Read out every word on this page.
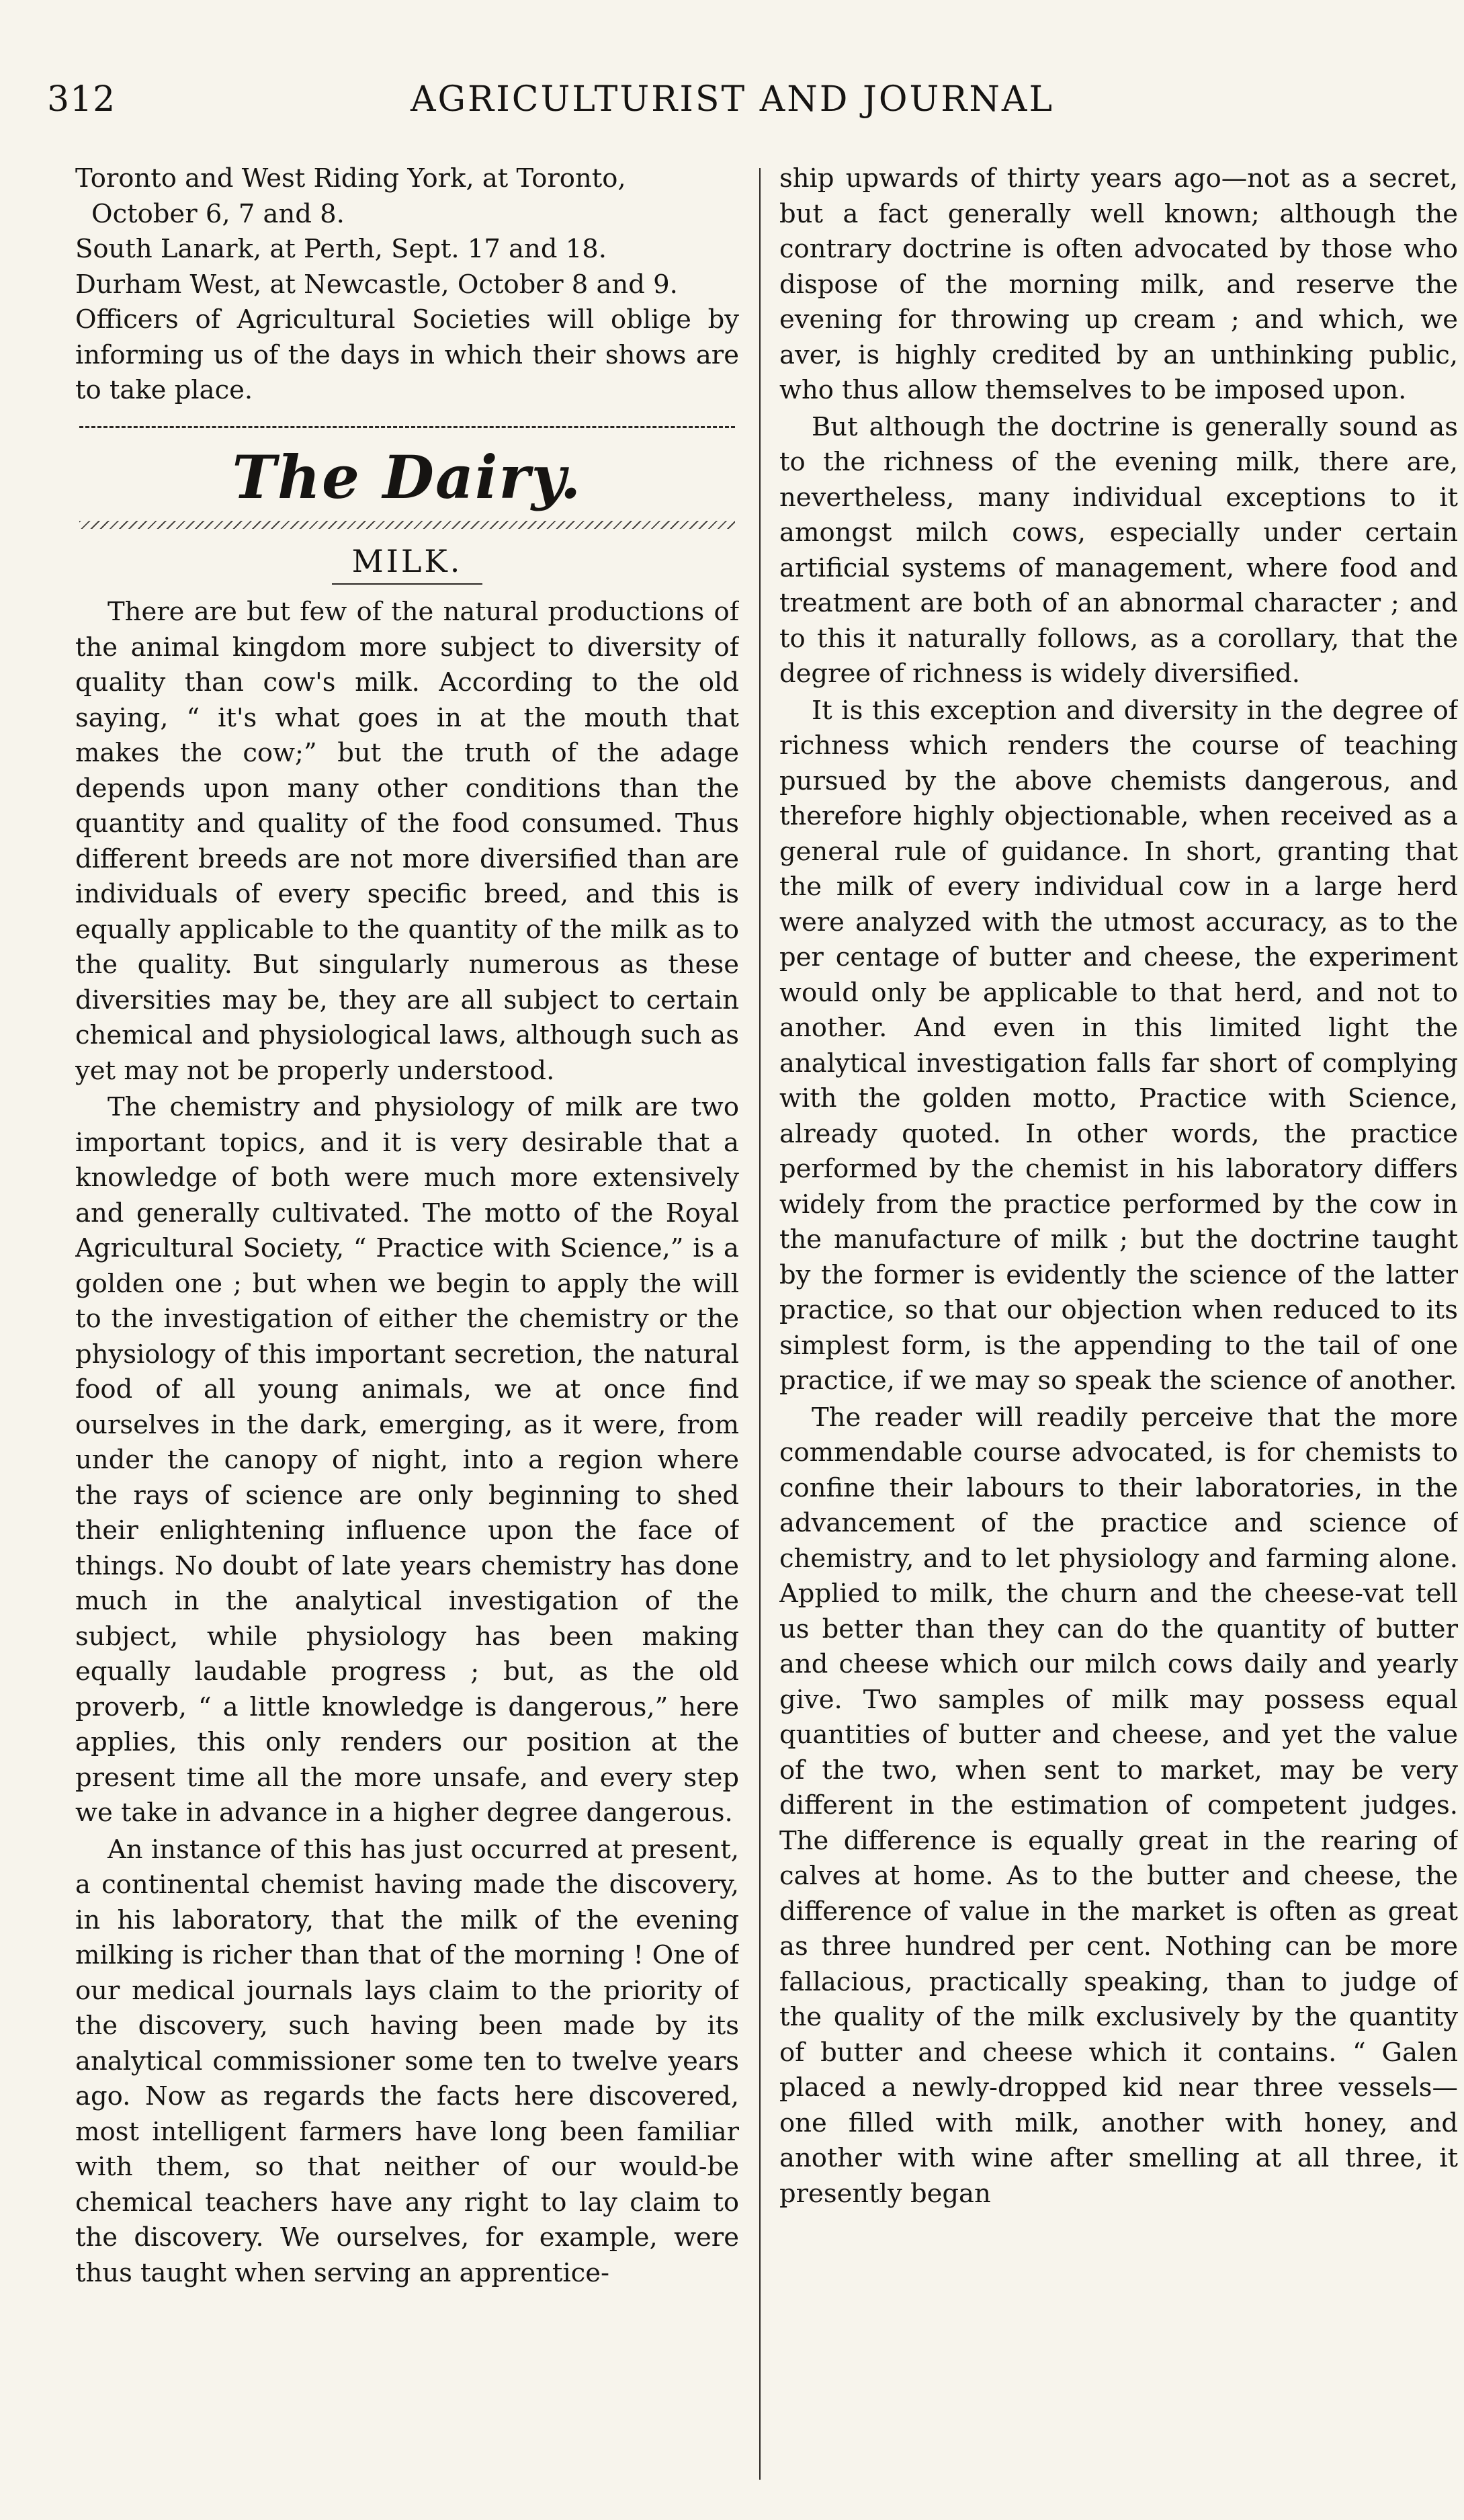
312	AGRICULTURIST AND JOURNAL

Toronto and West Riding York, at Toronto, October 6, 7 and 8.

South Lanark, at Perth, Sept. 17 and 18.

Durham West, at Newcastle, October 8 and 9.

Officers of Agricultural Societies will oblige by informing us of the days in which their shows are to take place.

The Dairy.
MILK.

There are but few of the natural productions of the animal kingdom more subject to diversity of quality than cow's milk. According to the old saying, “ it's what goes in at the mouth that makes the cow;” but the truth of the adage depends upon many other conditions than the quantity and quality of the food consumed. Thus different breeds are not more diversified than are individuals of every specific breed, and this is equally applicable to the quantity of the milk as to the quality. But singularly numerous as these diversities may be, they are all subject to certain chemical and physiological laws, although such as yet may not be properly understood.

The chemistry and physiology of milk are two important topics, and it is very desirable that a knowledge of both were much more extensively and generally cultivated. The motto of the Royal Agricultural Society, “ Practice with Science,” is a golden one ; but when we begin to apply the will to the investigation of either the chemistry or the physiology of this important secretion, the natural food of all young animals, we at once find ourselves in the dark, emerging, as it were, from under the canopy of night, into a region where the rays of science are only beginning to shed their enlightening influence upon the face of things. No doubt of late years chemistry has done much in the analytical investigation of the subject, while physiology has been making equally laudable progress ; but, as the old proverb, “ a little knowledge is dangerous,” here applies, this only renders our position at the present time all the more unsafe, and every step we take in advance in a higher degree dangerous.

An instance of this has just occurred at present, a continental chemist having made the discovery, in his laboratory, that the milk of the evening milking is richer than that of the morning ! One of our medical journals lays claim to the priority of the discovery, such having been made by its analytical commissioner some ten to twelve years ago. Now as regards the facts here discovered, most intelligent farmers have long been familiar with them, so that neither of our would-be chemical teachers have any right to lay claim to the discovery. We ourselves, for example, were thus taught when serving an apprentice-

ship upwards of thirty years ago—not as a secret, but a fact generally well known; although the contrary doctrine is often advocated by those who dispose of the morning milk, and reserve the evening for throwing up cream ; and which, we aver, is highly credited by an unthinking public, who thus allow themselves to be imposed upon.

But although the doctrine is generally sound as to the richness of the evening milk, there are, nevertheless, many individual exceptions to it amongst milch cows, especially under certain artificial systems of management, where food and treatment are both of an abnormal character ; and to this it naturally follows, as a corollary, that the degree of richness is widely diversified.

It is this exception and diversity in the degree of richness which renders the course of teaching pursued by the above chemists dangerous, and therefore highly objectionable, when received as a general rule of guidance. In short, granting that the milk of every individual cow in a large herd were analyzed with the utmost accuracy, as to the per centage of butter and cheese, the experiment would only be applicable to that herd, and not to another. And even in this limited light the analytical investigation falls far short of complying with the golden motto, Practice with Science, already quoted. In other words, the practice performed by the chemist in his laboratory differs widely from the practice performed by the cow in the manufacture of milk ; but the doctrine taught by the former is evidently the science of the latter practice, so that our objection when reduced to its simplest form, is the appending to the tail of one practice, if we may so speak the science of another.

The reader will readily perceive that the more commendable course advocated, is for chemists to confine their labours to their laboratories, in the advancement of the practice and science of chemistry, and to let physiology and farming alone. Applied to milk, the churn and the cheese-vat tell us better than they can do the quantity of butter and cheese which our milch cows daily and yearly give. Two samples of milk may possess equal quantities of butter and cheese, and yet the value of the two, when sent to market, may be very different in the estimation of competent judges. The difference is equally great in the rearing of calves at home. As to the butter and cheese, the difference of value in the market is often as great as three hundred per cent. Nothing can be more fallacious, practically speaking, than to judge of the quality of the milk exclusively by the quantity of butter and cheese which it contains. “ Galen placed a newly-dropped kid near three vessels—one filled with milk, another with honey, and another with wine after smelling at all three, it presently began
